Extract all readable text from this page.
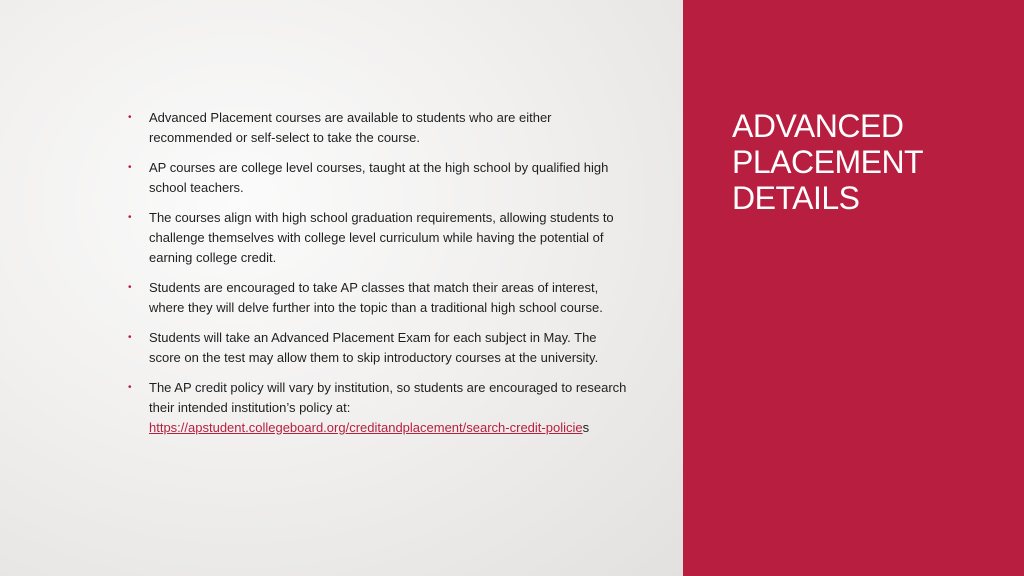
• Advanced Placement courses are available to students who are either recommended or self-select to take the course.
• AP courses are college level courses, taught at the high school by qualified high school teachers.
• The courses align with high school graduation requirements, allowing students to challenge themselves with college level curriculum while having the potential of earning college credit.
• Students are encouraged to take AP classes that match their areas of interest, where they will delve further into the topic than a traditional high school course.
• Students will take an Advanced Placement Exam for each subject in May. The score on the test may allow them to skip introductory courses at the university.
• The AP credit policy will vary by institution, so students are encouraged to research their intended institution’s policy at:
https://apstudent.collegeboard.org/creditandplacement/search-credit-policies
ADVANCED
PLACEMENT
DETAILS
